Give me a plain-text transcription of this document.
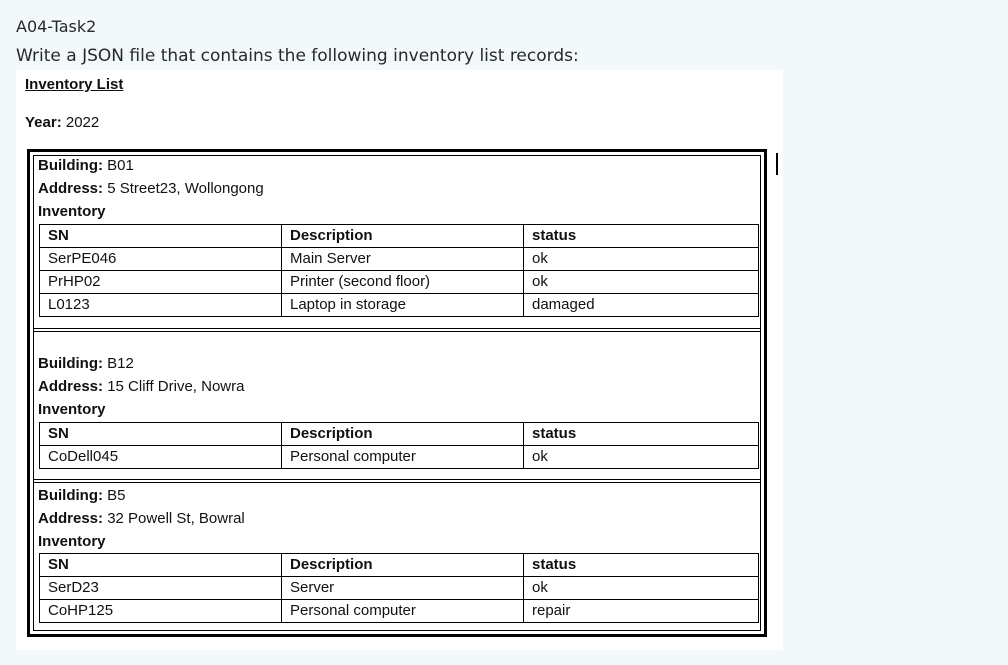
A04-Task2
Write a JSON file that contains the following inventory list records:
Inventory List
Year: 2022
Building: B01
Address: 5 Street23, Wollongong
Inventory
SN	Description	status
SerPE046	Main Server	ok
PrHP02	Printer (second floor)	ok
L0123	Laptop in storage	damaged
Building: B12
Address: 15 Cliff Drive, Nowra
Inventory
SN	Description	status
CoDell045	Personal computer	ok
Building: B5
Address: 32 Powell St, Bowral
Inventory
SN	Description	status
SerD23	Server	ok
CoHP125	Personal computer	repair
